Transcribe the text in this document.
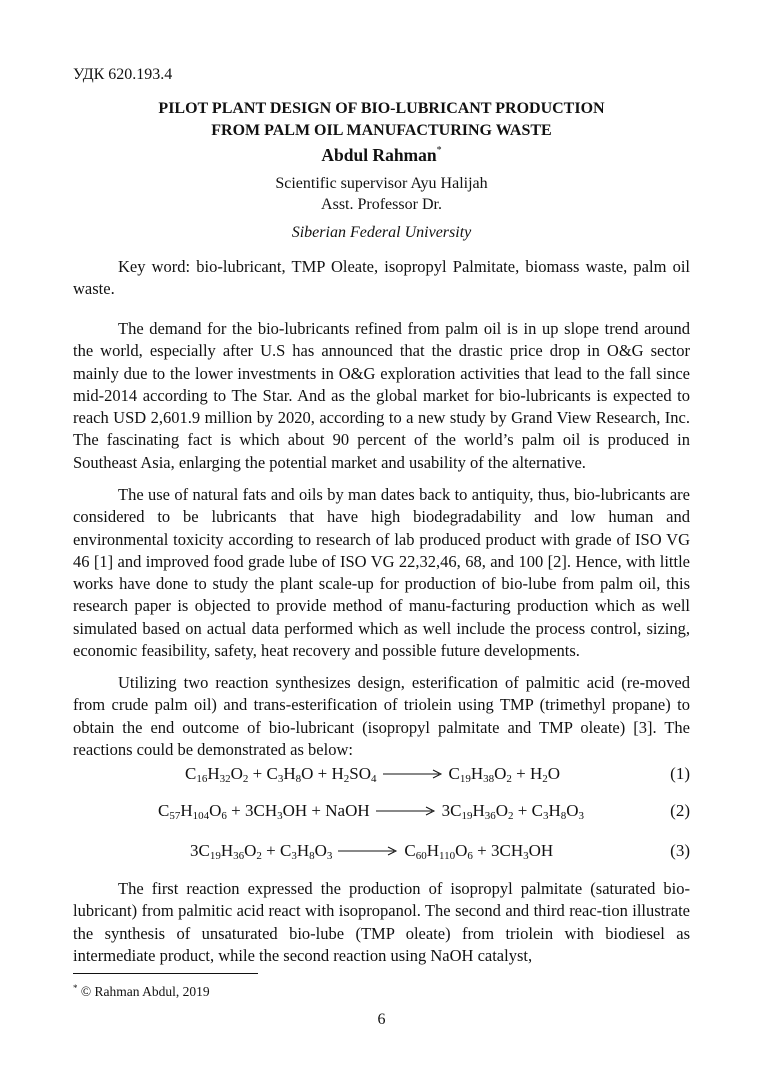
УДК 620.193.4
PILOT PLANT DESIGN OF BIO-LUBRICANT PRODUCTION
FROM PALM OIL MANUFACTURING WASTE
Abdul Rahman*
Scientific supervisor Ayu Halijah
Asst. Professor Dr.
Siberian Federal University

Key word: bio-lubricant, TMP Oleate, isopropyl Palmitate, biomass waste, palm oil waste.

The demand for the bio-lubricants refined from palm oil is in up slope trend around the world, especially after U.S has announced that the drastic price drop in O&G sector mainly due to the lower investments in O&G exploration activities that lead to the fall since mid-2014 according to The Star. And as the global market for bio-lubricants is expected to reach USD 2,601.9 million by 2020, according to a new study by Grand View Research, Inc. The fascinating fact is which about 90 percent of the world’s palm oil is produced in Southeast Asia, enlarging the potential market and usability of the alternative.

The use of natural fats and oils by man dates back to antiquity, thus, bio-lubricants are considered to be lubricants that have high biodegradability and low human and environmental toxicity according to research of lab produced product with grade of ISO VG 46 [1] and improved food grade lube of ISO VG 22,32,46, 68, and 100 [2]. Hence, with little works have done to study the plant scale-up for production of bio-lube from palm oil, this research paper is objected to provide method of manu-facturing production which as well simulated based on actual data performed which as well include the process control, sizing, economic feasibility, safety, heat recovery and possible future developments.

Utilizing two reaction synthesizes design, esterification of palmitic acid (re-moved from crude palm oil) and trans-esterification of triolein using TMP (trimethyl propane) to obtain the end outcome of bio-lubricant (isopropyl palmitate and TMP oleate) [3]. The reactions could be demonstrated as below:

$C_{16}H_{32}O_2 + C_3H_8O + H_2SO_4 \to C_{19}H_{38}O_2 + H_2O$	(1)
$C_{57}H_{104}O_6 + 3CH_3OH$ + NaOH → $3C_{19}H_{36}O_2 + C_3H_8O_3$	(2)
$3C_{19}H_{36}O_2 + C_3H_8O_3 \to C_{60}H_{110}O_6 + 3CH_3OH$	(3)

The first reaction expressed the production of isopropyl palmitate (saturated bio-lubricant) from palmitic acid react with isopropanol. The second and third reac-tion illustrate the synthesis of unsaturated bio-lube (TMP oleate) from triolein with biodiesel as intermediate product, while the second reaction using NaOH catalyst,

* © Rahman Abdul, 2019
6
